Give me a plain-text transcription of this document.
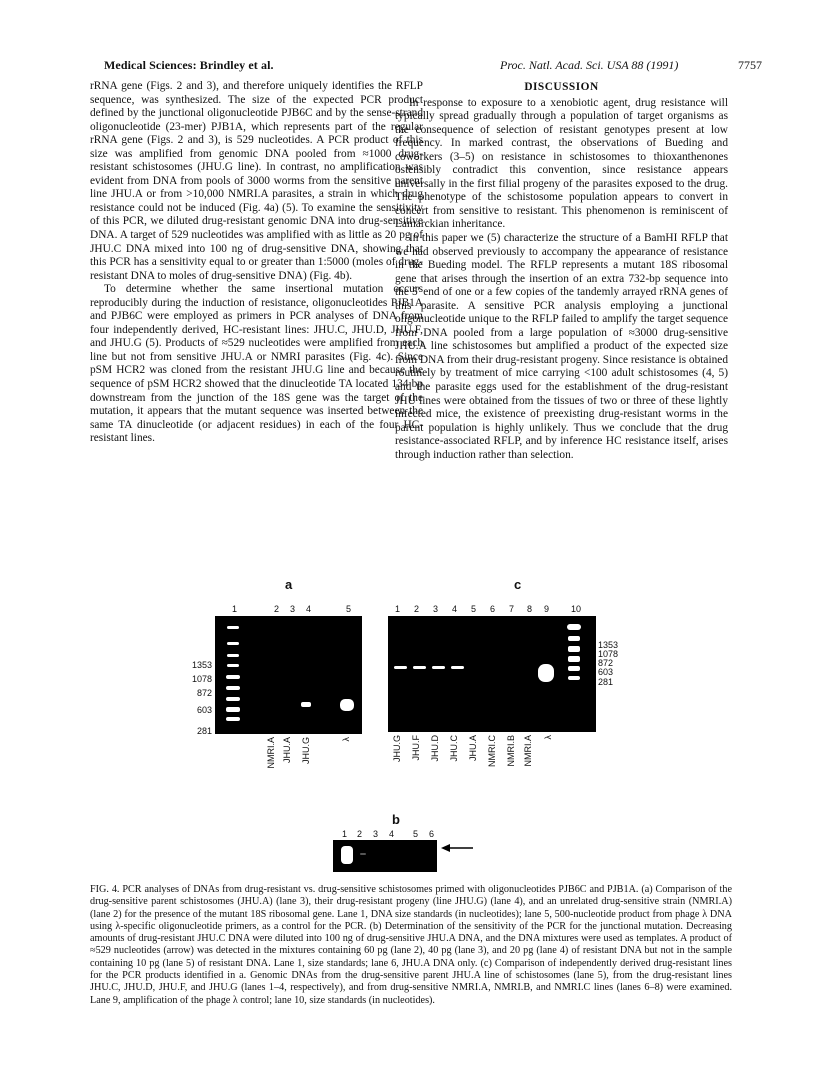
Medical Sciences: Brindley et al.	Proc. Natl. Acad. Sci. USA 88 (1991)	7757

rRNA gene (Figs. 2 and 3), and therefore uniquely identifies the RFLP sequence, was synthesized. The size of the expected PCR product defined by the junctional oligonucleotide PJB6C and by the sense-strand oligonucleotide (23-mer) PJB1A, which represents part of the regular rRNA gene (Figs. 2 and 3), is 529 nucleotides. A PCR product of this size was amplified from genomic DNA pooled from ≈1000 drug-resistant schistosomes (JHU.G line). In contrast, no amplification was evident from DNA from pools of 3000 worms from the sensitive parent line JHU.A or from >10,000 NMRI.A parasites, a strain in which drug resistance could not be induced (Fig. 4a) (5). To examine the sensitivity of this PCR, we diluted drug-resistant genomic DNA into drug-sensitive DNA. A target of 529 nucleotides was amplified with as little as 20 pg of JHU.C DNA mixed into 100 ng of drug-sensitive DNA, showing that this PCR has a sensitivity equal to or greater than 1:5000 (moles of drug-resistant DNA to moles of drug-sensitive DNA) (Fig. 4b).

To determine whether the same insertional mutation occurs reproducibly during the induction of resistance, oligonucleotides PJB1A and PJB6C were employed as primers in PCR analyses of DNA from four independently derived, HC-resistant lines: JHU.C, JHU.D, JHU.F, and JHU.G (5). Products of ≈529 nucleotides were amplified from each line but not from sensitive JHU.A or NMRI parasites (Fig. 4c). Since pSM HCR2 was cloned from the resistant JHU.G line and because the sequence of pSM HCR2 showed that the dinucleotide TA located 134 bp downstream from the junction of the 18S gene was the target of the mutation, it appears that the mutant sequence was inserted between the same TA dinucleotide (or adjacent residues) in each of the four HC-resistant lines.

DISCUSSION

In response to exposure to a xenobiotic agent, drug resistance will typically spread gradually through a population of target organisms as the consequence of selection of resistant genotypes present at low frequency. In marked contrast, the observations of Bueding and coworkers (3–5) on resistance in schistosomes to thioxanthenones ostensibly contradict this convention, since resistance appears universally in the first filial progeny of the parasites exposed to the drug. The phenotype of the schistosome population appears to convert in concert from sensitive to resistant. This phenomenon is reminiscent of Lamarckian inheritance.

In this paper we (5) characterize the structure of a BamHI RFLP that we had observed previously to accompany the appearance of resistance in the Bueding model. The RFLP represents a mutant 18S ribosomal gene that arises through the insertion of an extra 732-bp sequence into the 5′ end of one or a few copies of the tandemly arrayed rRNA genes of this parasite. A sensitive PCR analysis employing a junctional oligonucleotide unique to the RFLP failed to amplify the target sequence from DNA pooled from a large population of ≈3000 drug-sensitive JHU.A line schistosomes but amplified a product of the expected size from DNA from their drug-resistant progeny. Since resistance is obtained routinely by treatment of mice carrying <100 adult schistosomes (4, 5) and the parasite eggs used for the establishment of the drug-resistant JHU lines were obtained from the tissues of two or three of these lightly infected mice, the existence of preexisting drug-resistant worms in the parent population is highly unlikely. Thus we conclude that the drug resistance-associated RFLP, and by inference HC resistance itself, arises through induction rather than selection.

a
1	2 3 4	5
1353
1078
872
603
281
NMRI.A JHU.A JHU.G	λ
c
1 2 3 4 5 6 7 8 9 10
1353
1078
872
603
281
JHU.G JHU.F JHU.D JHU.C JHU.A NMRI.C NMRI.B NMRI.A λ
b
1 2 3 4 5 6
FIG. 4. PCR analyses of DNAs from drug-resistant vs. drug-sensitive schistosomes primed with oligonucleotides PJB6C and PJB1A. (a) Comparison of the drug-sensitive parent schistosomes (JHU.A) (lane 3), their drug-resistant progeny (line JHU.G) (lane 4), and an unrelated drug-sensitive strain (NMRI.A) (lane 2) for the presence of the mutant 18S ribosomal gene. Lane 1, DNA size standards (in nucleotides); lane 5, 500-nucleotide product from phage λ DNA using λ-specific oligonucleotide primers, as a control for the PCR. (b) Determination of the sensitivity of the PCR for the junctional mutation. Decreasing amounts of drug-resistant JHU.C DNA were diluted into 100 ng of drug-sensitive JHU.A DNA, and the DNA mixtures were used as templates. A product of ≈529 nucleotides (arrow) was detected in the mixtures containing 60 pg (lane 2), 40 pg (lane 3), and 20 pg (lane 4) of resistant DNA but not in the sample containing 10 pg (lane 5) of resistant DNA. Lane 1, size standards; lane 6, JHU.A DNA only. (c) Comparison of independently derived drug-resistant lines for the PCR products identified in a. Genomic DNAs from the drug-sensitive parent JHU.A line of schistosomes (lane 5), from the drug-resistant lines JHU.C, JHU.D, JHU.F, and JHU.G (lanes 1–4, respectively), and from drug-sensitive NMRI.A, NMRI.B, and NMRI.C lines (lanes 6–8) were examined. Lane 9, amplification of the phage λ control; lane 10, size standards (in nucleotides).
